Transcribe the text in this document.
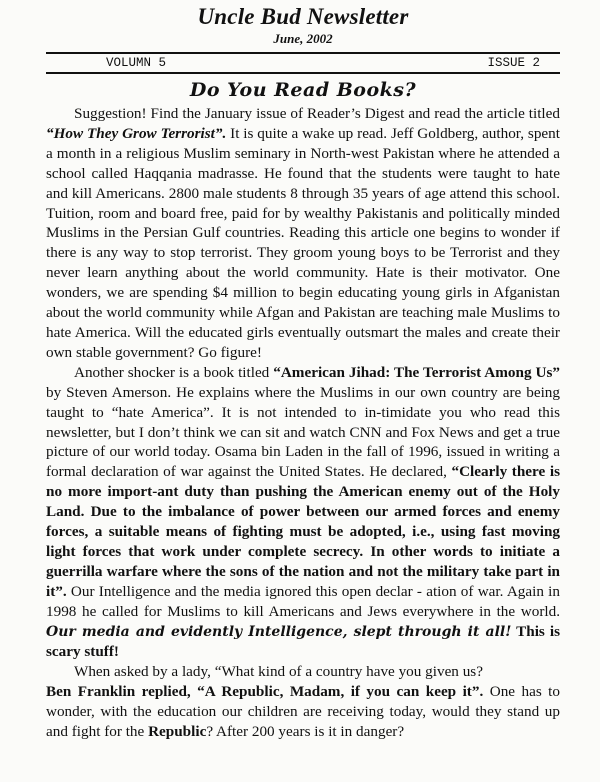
Uncle Bud Newsletter

June, 2002

VOLUMN 5	ISSUE 2
Do You Read Books?

Suggestion! Find the January issue of Reader’s Digest and read the article titled “How They Grow Terrorist”. It is quite a wake up read. Jeff Goldberg, author, spent a month in a religious Muslim seminary in North-west Pakistan where he attended a school called Haqqania madrasse. He found that the students were taught to hate and kill Americans. 2800 male students 8 through 35 years of age attend this school. Tuition, room and board free, paid for by wealthy Pakistanis and politically minded Muslims in the Persian Gulf countries. Reading this article one begins to wonder if there is any way to stop terrorist. They groom young boys to be Terrorist and they never learn anything about the world community. Hate is their motivator. One wonders, we are spending $4 million to begin educating young girls in Afganistan about the world community while Afgan and Pakistan are teaching male Muslims to hate America. Will the educated girls eventually outsmart the males and create their own stable government? Go figure!

Another shocker is a book titled “American Jihad: The Terrorist Among Us” by Steven Amerson. He explains where the Muslims in our own country are being taught to “hate America”. It is not intended to in-timidate you who read this newsletter, but I don’t think we can sit and watch CNN and Fox News and get a true picture of our world today. Osama bin Laden in the fall of 1996, issued in writing a formal declaration of war against the United States. He declared, “Clearly there is no more import-ant duty than pushing the American enemy out of the Holy Land. Due to the imbalance of power between our armed forces and enemy forces, a suitable means of fighting must be adopted, i.e., using fast moving light forces that work under complete secrecy. In other words to initiate a guerrilla warfare where the sons of the nation and not the military take part in it”. Our Intelligence and the media ignored this open declar - ation of war. Again in 1998 he called for Muslims to kill Americans and Jews everywhere in the world. Our media and evidently Intelligence, slept through it all! This is scary stuff!

When asked by a lady, “What kind of a country have you given us?

Ben Franklin replied, “A Republic, Madam, if you can keep it”. One has to wonder, with the education our children are receiving today, would they stand up and fight for the Republic? After 200 years is it in danger?
